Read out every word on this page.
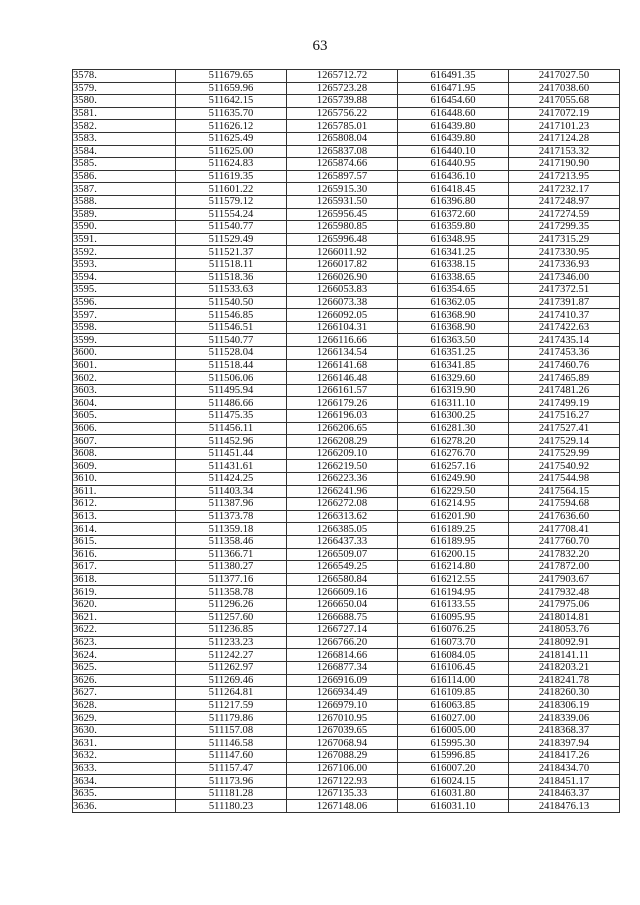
63
3578.	511679.65	1265712.72	616491.35	2417027.50
3579.	511659.96	1265723.28	616471.95	2417038.60
3580.	511642.15	1265739.88	616454.60	2417055.68
3581.	511635.70	1265756.22	616448.60	2417072.19
3582.	511626.12	1265785.01	616439.80	2417101.23
3583.	511625.49	1265808.04	616439.80	2417124.28
3584.	511625.00	1265837.08	616440.10	2417153.32
3585.	511624.83	1265874.66	616440.95	2417190.90
3586.	511619.35	1265897.57	616436.10	2417213.95
3587.	511601.22	1265915.30	616418.45	2417232.17
3588.	511579.12	1265931.50	616396.80	2417248.97
3589.	511554.24	1265956.45	616372.60	2417274.59
3590.	511540.77	1265980.85	616359.80	2417299.35
3591.	511529.49	1265996.48	616348.95	2417315.29
3592.	511521.37	1266011.92	616341.25	2417330.95
3593.	511518.11	1266017.82	616338.15	2417336.93
3594.	511518.36	1266026.90	616338.65	2417346.00
3595.	511533.63	1266053.83	616354.65	2417372.51
3596.	511540.50	1266073.38	616362.05	2417391.87
3597.	511546.85	1266092.05	616368.90	2417410.37
3598.	511546.51	1266104.31	616368.90	2417422.63
3599.	511540.77	1266116.66	616363.50	2417435.14
3600.	511528.04	1266134.54	616351.25	2417453.36
3601.	511518.44	1266141.68	616341.85	2417460.76
3602.	511506.06	1266146.48	616329.60	2417465.89
3603.	511495.94	1266161.57	616319.90	2417481.26
3604.	511486.66	1266179.26	616311.10	2417499.19
3605.	511475.35	1266196.03	616300.25	2417516.27
3606.	511456.11	1266206.65	616281.30	2417527.41
3607.	511452.96	1266208.29	616278.20	2417529.14
3608.	511451.44	1266209.10	616276.70	2417529.99
3609.	511431.61	1266219.50	616257.16	2417540.92
3610.	511424.25	1266223.36	616249.90	2417544.98
3611.	511403.34	1266241.96	616229.50	2417564.15
3612.	511387.96	1266272.08	616214.95	2417594.68
3613.	511373.78	1266313.62	616201.90	2417636.60
3614.	511359.18	1266385.05	616189.25	2417708.41
3615.	511358.46	1266437.33	616189.95	2417760.70
3616.	511366.71	1266509.07	616200.15	2417832.20
3617.	511380.27	1266549.25	616214.80	2417872.00
3618.	511377.16	1266580.84	616212.55	2417903.67
3619.	511358.78	1266609.16	616194.95	2417932.48
3620.	511296.26	1266650.04	616133.55	2417975.06
3621.	511257.60	1266688.75	616095.95	2418014.81
3622.	511236.85	1266727.14	616076.25	2418053.76
3623.	511233.23	1266766.20	616073.70	2418092.91
3624.	511242.27	1266814.66	616084.05	2418141.11
3625.	511262.97	1266877.34	616106.45	2418203.21
3626.	511269.46	1266916.09	616114.00	2418241.78
3627.	511264.81	1266934.49	616109.85	2418260.30
3628.	511217.59	1266979.10	616063.85	2418306.19
3629.	511179.86	1267010.95	616027.00	2418339.06
3630.	511157.08	1267039.65	616005.00	2418368.37
3631.	511146.58	1267068.94	615995.30	2418397.94
3632.	511147.60	1267088.29	615996.85	2418417.26
3633.	511157.47	1267106.00	616007.20	2418434.70
3634.	511173.96	1267122.93	616024.15	2418451.17
3635.	511181.28	1267135.33	616031.80	2418463.37
3636.	511180.23	1267148.06	616031.10	2418476.13
